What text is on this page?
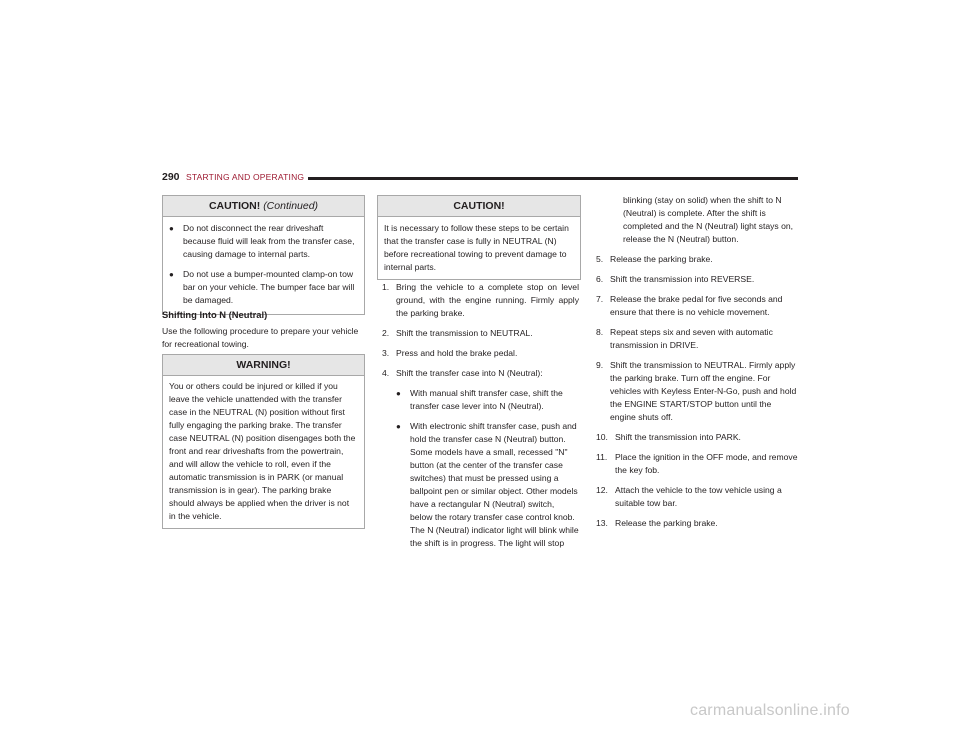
290 STARTING AND OPERATING
CAUTION! (Continued)
●	Do not disconnect the rear driveshaft because fluid will leak from the transfer case, causing damage to internal parts.
●	Do not use a bumper-mounted clamp-on tow bar on your vehicle. The bumper face bar will be damaged.
Shifting Into N (Neutral)
Use the following procedure to prepare your vehicle for recreational towing.
WARNING!
You or others could be injured or killed if you leave the vehicle unattended with the transfer case in the NEUTRAL (N) position without first fully engaging the parking brake. The transfer case NEUTRAL (N) position disengages both the front and rear driveshafts from the powertrain, and will allow the vehicle to roll, even if the automatic transmission is in PARK (or manual transmission is in gear). The parking brake should always be applied when the driver is not in the vehicle.
CAUTION!
It is necessary to follow these steps to be certain that the transfer case is fully in NEUTRAL (N) before recreational towing to prevent damage to internal parts.
1. Bring the vehicle to a complete stop on level ground, with the engine running. Firmly apply the parking brake.
2. Shift the transmission to NEUTRAL.
3. Press and hold the brake pedal.
4. Shift the transfer case into N (Neutral):
●	With manual shift transfer case, shift the transfer case lever into N (Neutral).
●	With electronic shift transfer case, push and hold the transfer case N (Neutral) button. Some models have a small, recessed "N" button (at the center of the transfer case switches) that must be pressed using a ballpoint pen or similar object. Other models have a rectangular N (Neutral) switch, below the rotary transfer case control knob. The N (Neutral) indicator light will blink while the shift is in progress. The light will stop
blinking (stay on solid) when the shift to N (Neutral) is complete. After the shift is completed and the N (Neutral) light stays on, release the N (Neutral) button.
5. Release the parking brake.
6. Shift the transmission into REVERSE.
7. Release the brake pedal for five seconds and ensure that there is no vehicle movement.
8. Repeat steps six and seven with automatic transmission in DRIVE.
9. Shift the transmission to NEUTRAL. Firmly apply the parking brake. Turn off the engine. For vehicles with Keyless Enter-N-Go, push and hold the ENGINE START/STOP button until the engine shuts off.
10. Shift the transmission into PARK.
11. Place the ignition in the OFF mode, and remove the key fob.
12. Attach the vehicle to the tow vehicle using a suitable tow bar.
13. Release the parking brake.
carmanualsonline.info
